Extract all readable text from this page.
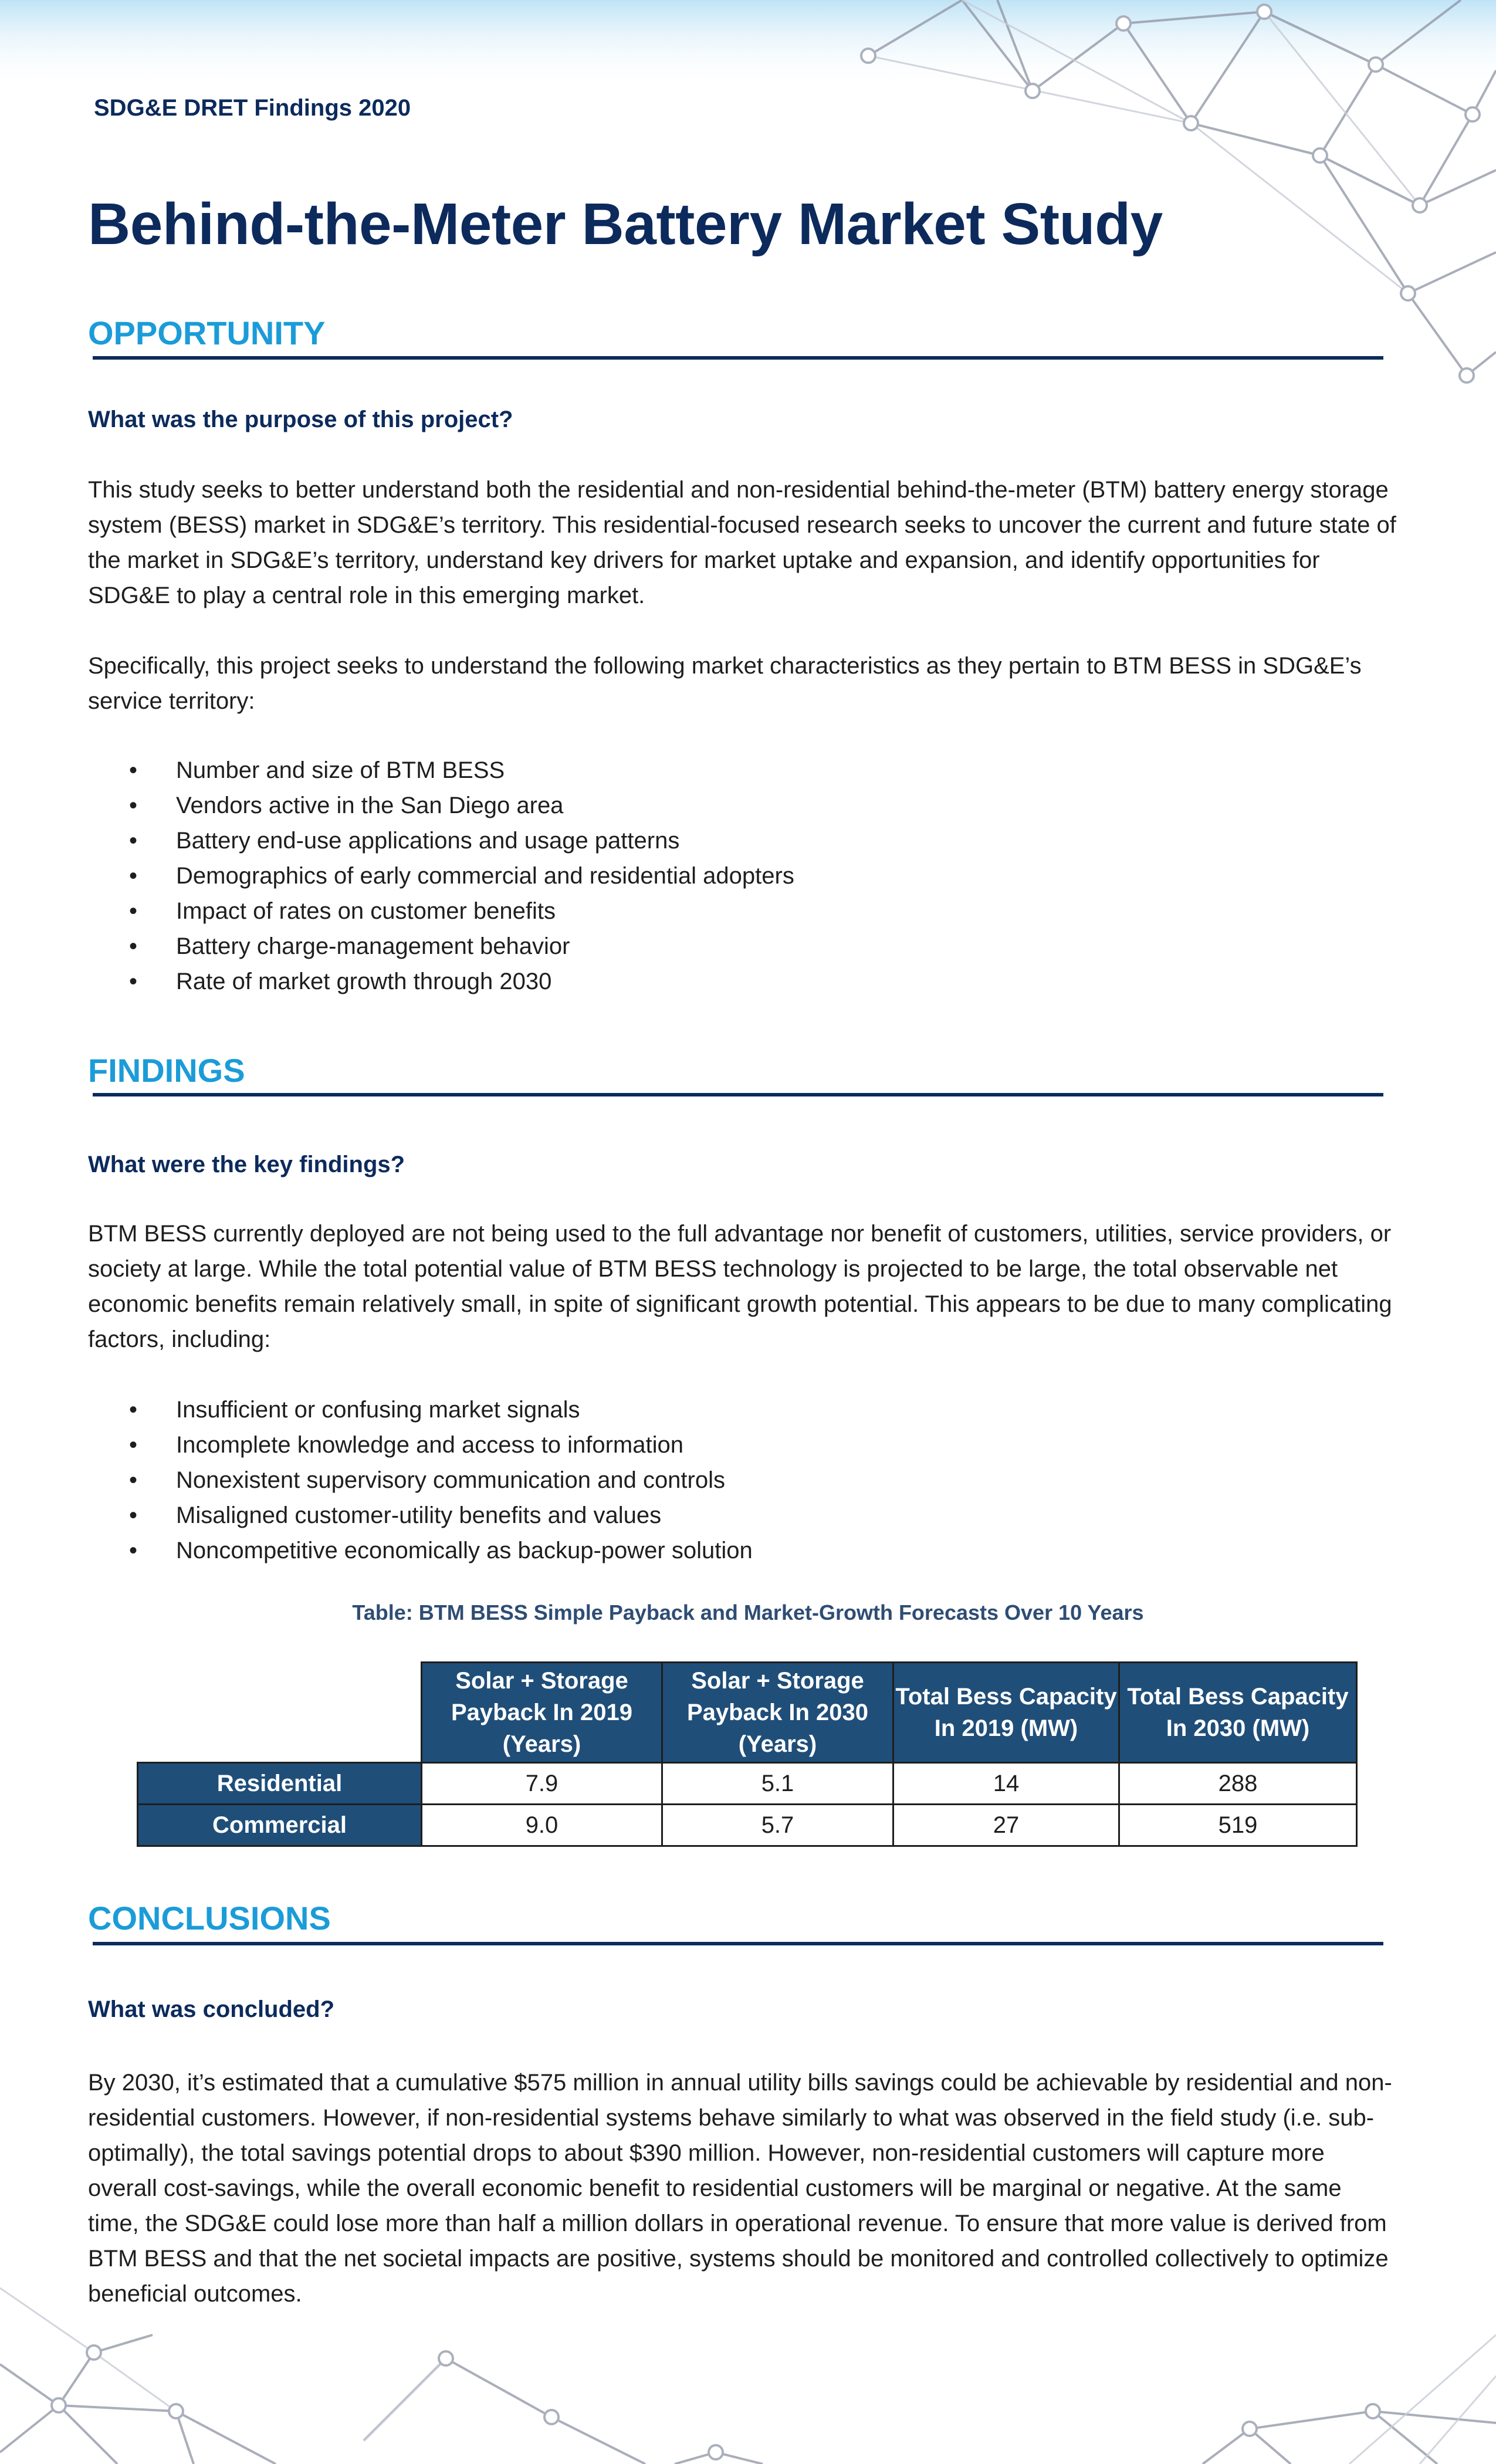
SDG&E DRET Findings 2020
Behind-the-Meter Battery Market Study
OPPORTUNITY
What was the purpose of this project?

This study seeks to better understand both the residential and non-residential behind-the-meter (BTM) battery energy storage system (BESS) market in SDG&E’s territory. This residential-focused research seeks to uncover the current and future state of the market in SDG&E’s territory, understand key drivers for market uptake and expansion, and identify opportunities for SDG&E to play a central role in this emerging market.

Specifically, this project seeks to understand the following market characteristics as they pertain to BTM BESS in SDG&E’s service territory:

• Number and size of BTM BESS
• Vendors active in the San Diego area
• Battery end-use applications and usage patterns
• Demographics of early commercial and residential adopters
• Impact of rates on customer benefits
• Battery charge-management behavior
• Rate of market growth through 2030
FINDINGS
What were the key findings?

BTM BESS currently deployed are not being used to the full advantage nor benefit of customers, utilities, service providers, or society at large. While the total potential value of BTM BESS technology is projected to be large, the total observable net economic benefits remain relatively small, in spite of significant growth potential. This appears to be due to many complicating factors, including:

• Insufficient or confusing market signals
• Incomplete knowledge and access to information
• Nonexistent supervisory communication and controls
• Misaligned customer-utility benefits and values
• Noncompetitive economically as backup-power solution
Table: BTM BESS Simple Payback and Market-Growth Forecasts Over 10 Years
	Solar + Storage Payback In 2019 (Years)	Solar + Storage Payback In 2030 (Years)	Total Bess Capacity In 2019 (MW)	Total Bess Capacity In 2030 (MW)
Residential	7.9	5.1	14	288
Commercial	9.0	5.7	27	519
CONCLUSIONS
What was concluded?

By 2030, it’s estimated that a cumulative $575 million in annual utility bills savings could be achievable by residential and non-residential customers. However, if non-residential systems behave similarly to what was observed in the field study (i.e. sub-optimally), the total savings potential drops to about $390 million. However, non-residential customers will capture more overall cost-savings, while the overall economic benefit to residential customers will be marginal or negative. At the same time, the SDG&E could lose more than half a million dollars in operational revenue. To ensure that more value is derived from BTM BESS and that the net societal impacts are positive, systems should be monitored and controlled collectively to optimize beneficial outcomes.
